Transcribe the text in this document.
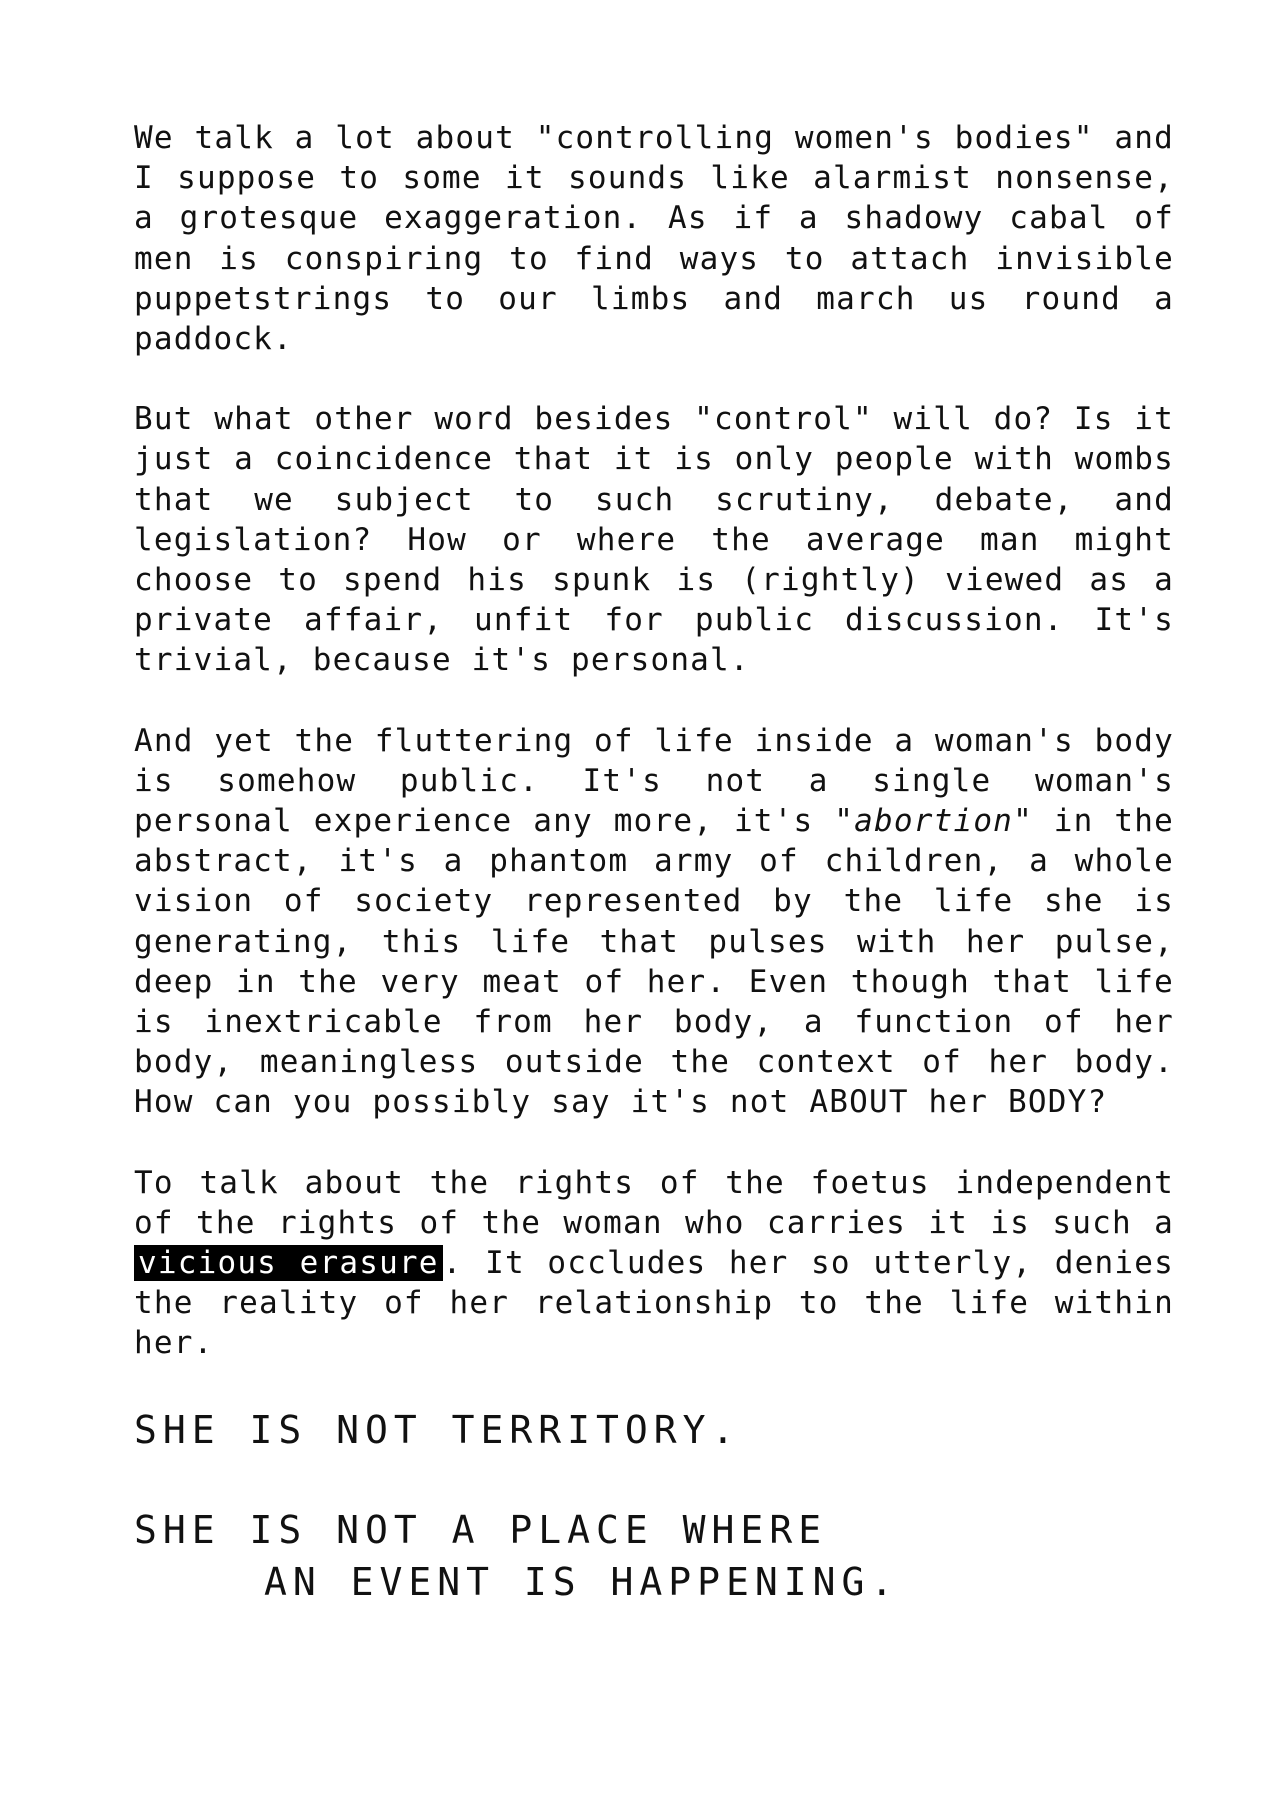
We talk a lot about "controlling women's bodies" and I suppose to some it sounds like alarmist nonsense, a grotesque exaggeration. As if a shadowy cabal of men is conspiring to find ways to attach invisible puppetstrings to our limbs and march us round a paddock.

But what other word besides "control" will do? Is it just a coincidence that it is only people with wombs that we subject to such scrutiny, debate, and legislation? How or where the average man might choose to spend his spunk is (rightly) viewed as a private affair, unfit for public discussion. It's trivial, because it's personal.

And yet the fluttering of life inside a woman's body is somehow public. It's not a single woman's personal experience any more, it's "abortion" in the abstract, it's a phantom army of children, a whole vision of society represented by the life she is generating, this life that pulses with her pulse, deep in the very meat of her. Even though that life is inextricable from her body, a function of her body, meaningless outside the context of her body. How can you possibly say it's not ABOUT her BODY?

To talk about the rights of the foetus independent of the rights of the woman who carries it is such a vicious erasure . It occludes her so utterly, denies the reality of her relationship to the life within her.

SHE IS NOT TERRITORY.
SHE IS NOT A PLACE WHERE
AN EVENT IS HAPPENING.
